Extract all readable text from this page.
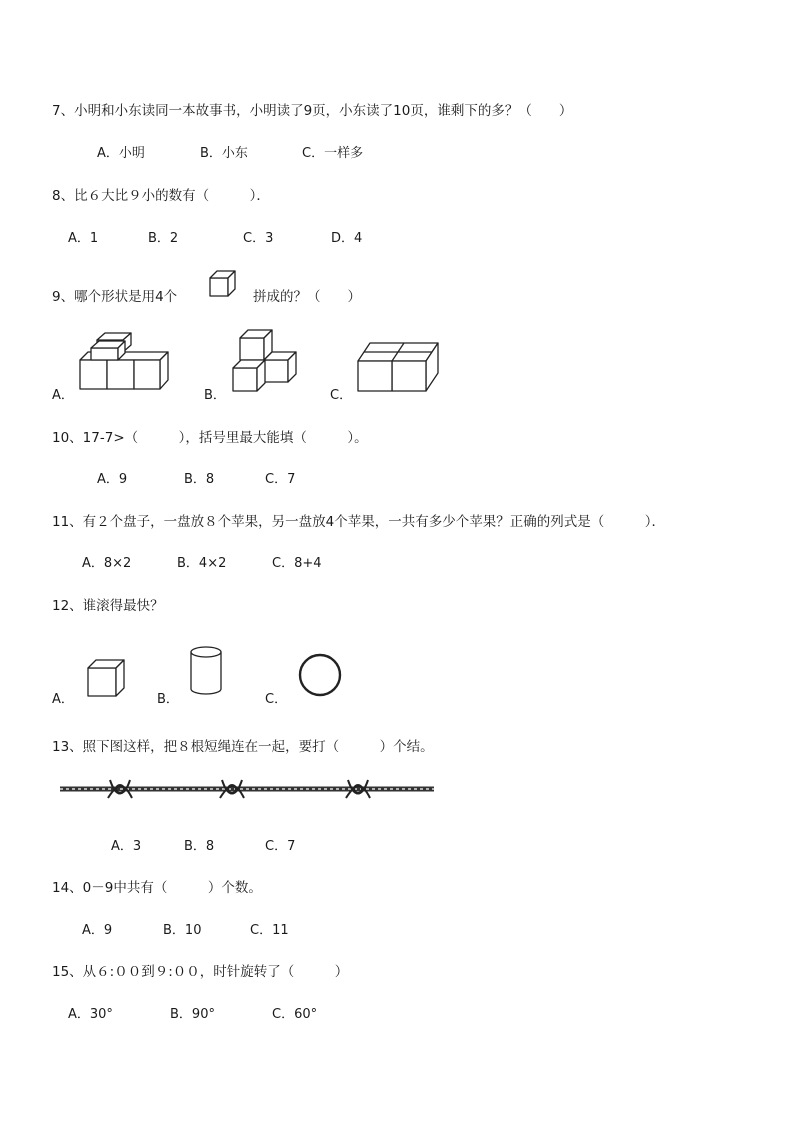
7、小明和小东读同一本故事书，小明读了9页，小东读了10页，谁剩下的多？（　　）
A．小明	B．小东	C．一样多
8、比６大比９小的数有（　　　）．
A．1	B．2	C．3	D．4
9、哪个形状是用4个	拼成的？（　　）
A．	B．	C．
10、17-7>（　　　），括号里最大能填（　　　）。
A．9	B．8	C．7
11、有２个盘子，一盘放８个苹果，另一盘放4个苹果，一共有多少个苹果？正确的列式是（　　　）．
A．8×2	B．4×2	C．8+4
12、谁滚得最快？
A．	B．	C．
13、照下图这样，把８根短绳连在一起，要打（　　　）个结。
A．3	B．8	C．7
14、0－9中共有（　　　）个数。
A．9	B．10	C．11
15、从６:００到９:００，时针旋转了（　　　）
A．30°	B．90°	C．60°
